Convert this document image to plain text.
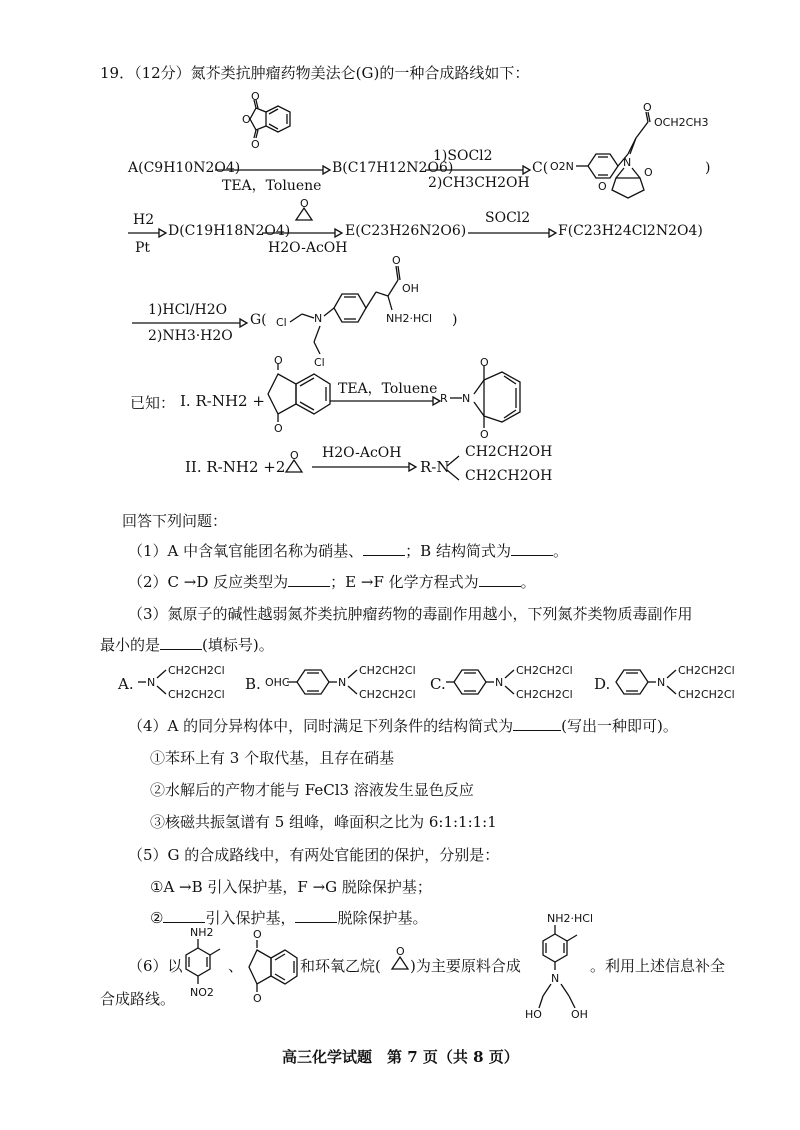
19．（12分）氮芥类抗肿瘤药物美法仑(G)的一种合成路线如下：
A(C9H10N2O4)
O
O
O
TEA，Toluene
B(C17H12N2O6)
1)SOCl2
2)CH3CH2OH
C( O2N
O
OCH2CH3
N
O
O
)
H2
Pt
D(C19H18N2O4)
O
H2O-AcOH
E(C23H26N2O6)
SOCl2
F(C23H24Cl2N2O4)
1)HCl/H2O
2)NH3·H2O
G( Cl N
O
OH
NH2·HCl
Cl
)
已知： I. R-NH2 +
O
O
TEA，Toluene
R N
O
O
II. R-NH2 +2
O H2O-AcOH
R-N
CH2CH2OH
CH2CH2OH
回答下列问题：
（1）A 中含氧官能团名称为硝基、	；B 结构简式为	。
（2）C →D 反应类型为	；E →F 化学方程式为	。
（3）氮原子的碱性越弱氮芥类抗肿瘤药物的毒副作用越小，下列氮芥类物质毒副作用
最小的是	(填标号)。
A. N
CH2CH2Cl
CH2CH2Cl
B. OHC	N
CH2CH2Cl
CH2CH2Cl
C.	N
CH2CH2Cl
CH2CH2Cl
D.	N
CH2CH2Cl
CH2CH2Cl
（4）A 的同分异构体中，同时满足下列条件的结构简式为	(写出一种即可)。
①苯环上有 3 个取代基，且存在硝基
②水解后的产物才能与 FeCl3 溶液发生显色反应
③核磁共振氢谱有 5 组峰，峰面积之比为 6:1:1:1:1
（5）G 的合成路线中，有两处官能团的保护，分别是：
①A →B 引入保护基，F →G 脱除保护基；
②	引入保护基，	脱除保护基。
（6）以
NH2
NO2
、
O
O
和环氧乙烷(
O
)为主要原料合成
NH2·HCl
N
HO	OH
。利用上述信息补全
合成路线。
高三化学试题　第 7 页（共 8 页）
